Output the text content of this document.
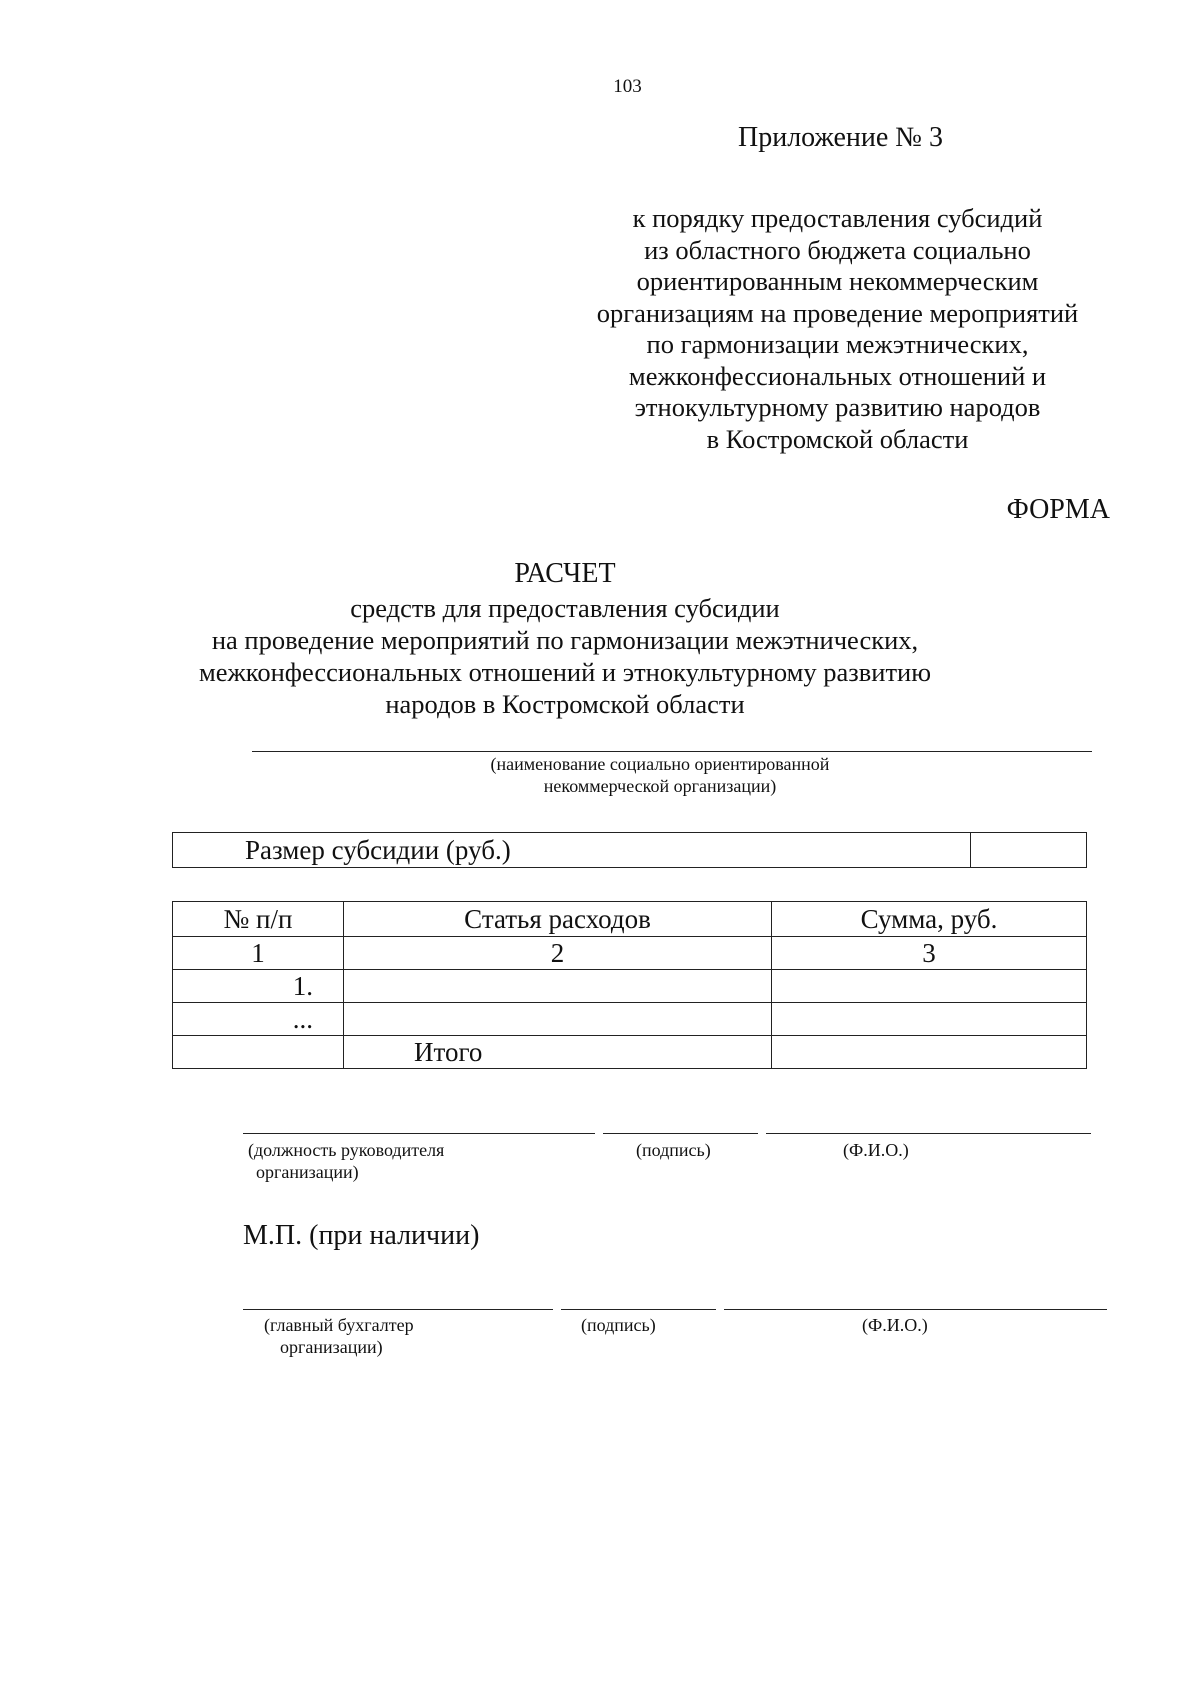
103
Приложение № 3
к порядку предоставления субсидий
из областного бюджета социально
ориентированным некоммерческим
организациям на проведение мероприятий
по гармонизации межэтнических,
межконфессиональных отношений и
этнокультурному развитию народов
в Костромской области
ФОРМА
РАСЧЕТ
средств для предоставления субсидии
на проведение мероприятий по гармонизации межэтнических,
межконфессиональных отношений и этнокультурному развитию
народов в Костромской области
(наименование социально ориентированной
некоммерческой организации)
Размер субсидии (руб.)	
№ п/п	Статья расходов	Сумма, руб.
1	2	3
1.		
...		
	Итого	
(должность руководителя
организации)
(подпись)	(Ф.И.О.)
М.П. (при наличии)
(главный бухгалтер
организации)
(подпись)	(Ф.И.О.)
